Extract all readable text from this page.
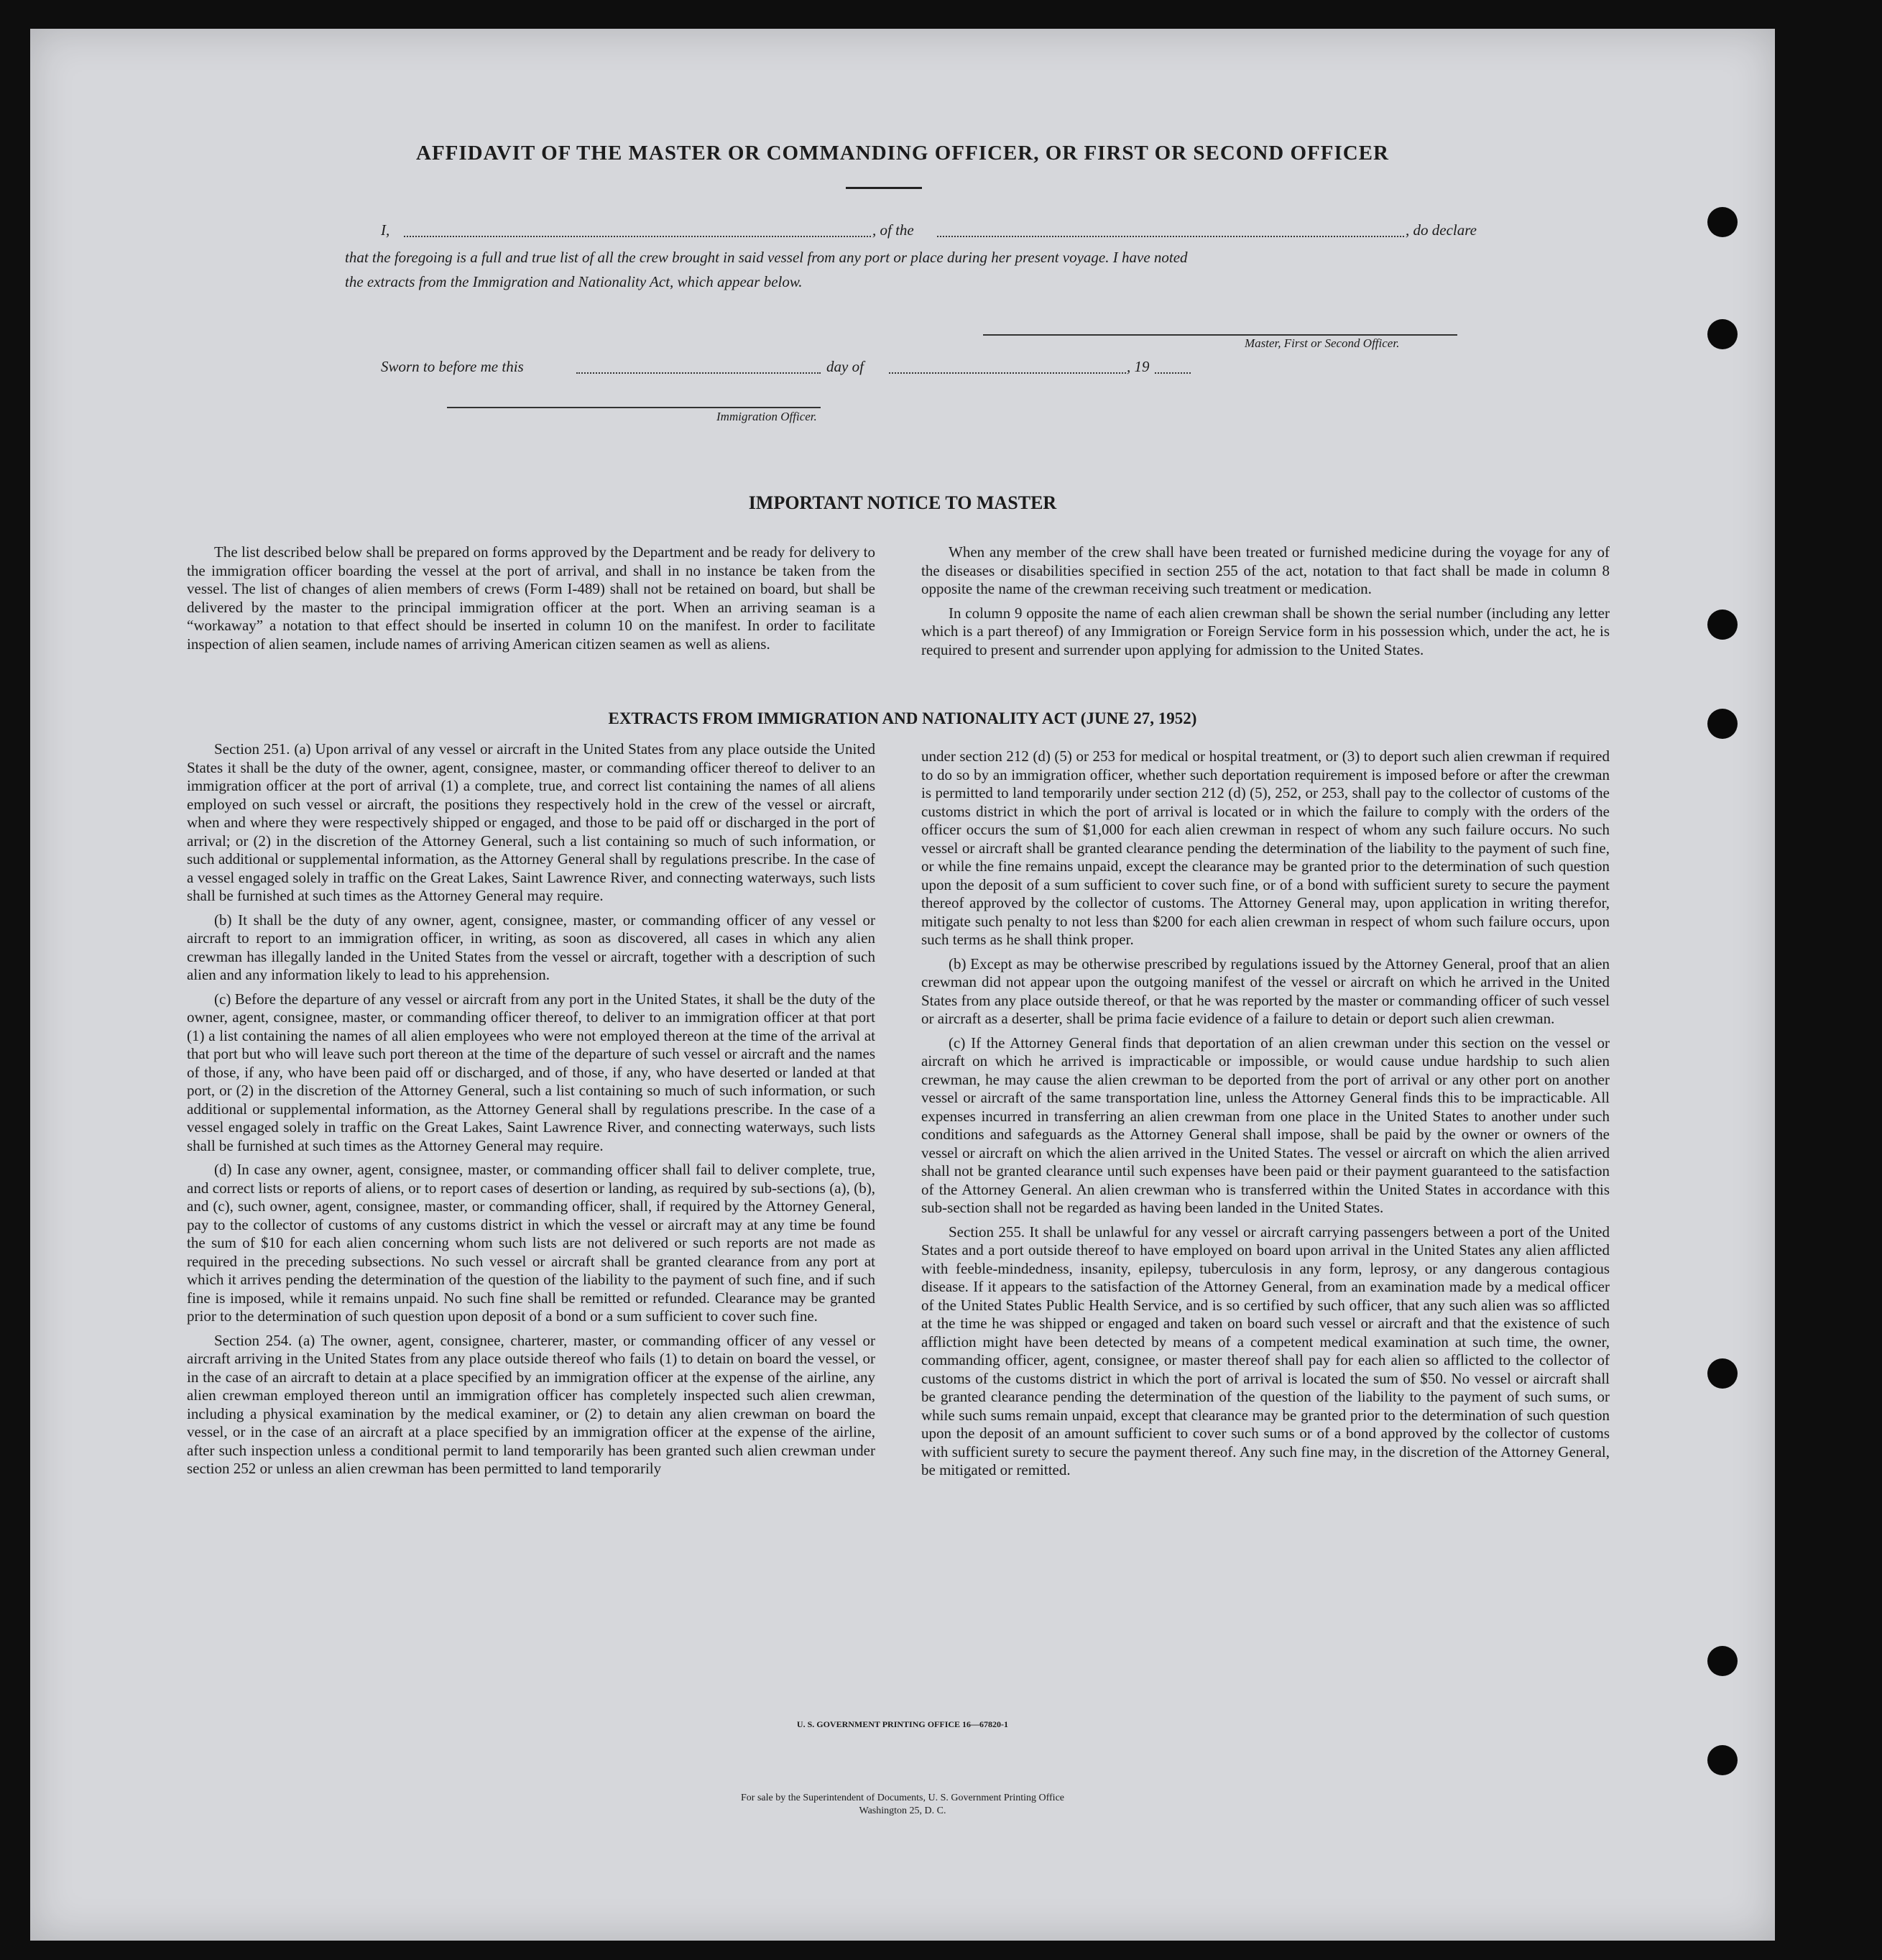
AFFIDAVIT OF THE MASTER OR COMMANDING OFFICER, OR FIRST OR SECOND OFFICER
I,	, of the	, do declare
that the foregoing is a full and true list of all the crew brought in said vessel from any port or place during her present voyage. I have noted
the extracts from the Immigration and Nationality Act, which appear below.
Master, First or Second Officer.
Sworn to before me this	day of	, 19
Immigration Officer.
IMPORTANT NOTICE TO MASTER

The list described below shall be prepared on forms approved by the Department and be ready for delivery to the immigration officer boarding the vessel at the port of arrival, and shall in no instance be taken from the vessel. The list of changes of alien members of crews (Form I-489) shall not be retained on board, but shall be delivered by the master to the principal immigration officer at the port. When an arriving seaman is a “workaway” a notation to that effect should be inserted in column 10 on the manifest. In order to facilitate inspection of alien seamen, include names of arriving American citizen seamen as well as aliens.

When any member of the crew shall have been treated or furnished medicine during the voyage for any of the diseases or disabilities specified in section 255 of the act, notation to that fact shall be made in column 8 opposite the name of the crewman receiving such treatment or medication.

In column 9 opposite the name of each alien crewman shall be shown the serial number (including any letter which is a part thereof) of any Immigration or Foreign Service form in his possession which, under the act, he is required to present and surrender upon applying for admission to the United States.

EXTRACTS FROM IMMIGRATION AND NATIONALITY ACT (JUNE 27, 1952)

Section 251. (a) Upon arrival of any vessel or aircraft in the United States from any place outside the United States it shall be the duty of the owner, agent, consignee, master, or commanding officer thereof to deliver to an immigration officer at the port of arrival (1) a complete, true, and correct list containing the names of all aliens employed on such vessel or aircraft, the positions they respectively hold in the crew of the vessel or aircraft, when and where they were respectively shipped or engaged, and those to be paid off or discharged in the port of arrival; or (2) in the discretion of the Attorney General, such a list containing so much of such information, or such additional or supplemental information, as the Attorney General shall by regulations prescribe. In the case of a vessel engaged solely in traffic on the Great Lakes, Saint Lawrence River, and connecting waterways, such lists shall be furnished at such times as the Attorney General may require.

(b) It shall be the duty of any owner, agent, consignee, master, or commanding officer of any vessel or aircraft to report to an immigration officer, in writing, as soon as discovered, all cases in which any alien crewman has illegally landed in the United States from the vessel or aircraft, together with a description of such alien and any information likely to lead to his apprehension.

(c) Before the departure of any vessel or aircraft from any port in the United States, it shall be the duty of the owner, agent, consignee, master, or commanding officer thereof, to deliver to an immigration officer at that port (1) a list containing the names of all alien employees who were not employed thereon at the time of the arrival at that port but who will leave such port thereon at the time of the departure of such vessel or aircraft and the names of those, if any, who have been paid off or discharged, and of those, if any, who have deserted or landed at that port, or (2) in the discretion of the Attorney General, such a list containing so much of such information, or such additional or supplemental information, as the Attorney General shall by regulations prescribe. In the case of a vessel engaged solely in traffic on the Great Lakes, Saint Lawrence River, and connecting waterways, such lists shall be furnished at such times as the Attorney General may require.

(d) In case any owner, agent, consignee, master, or commanding officer shall fail to deliver complete, true, and correct lists or reports of aliens, or to report cases of desertion or landing, as required by sub-sections (a), (b), and (c), such owner, agent, consignee, master, or commanding officer, shall, if required by the Attorney General, pay to the collector of customs of any customs district in which the vessel or aircraft may at any time be found the sum of $10 for each alien concerning whom such lists are not delivered or such reports are not made as required in the preceding subsections. No such vessel or aircraft shall be granted clearance from any port at which it arrives pending the determination of the question of the liability to the payment of such fine, and if such fine is imposed, while it remains unpaid. No such fine shall be remitted or refunded. Clearance may be granted prior to the determination of such question upon deposit of a bond or a sum sufficient to cover such fine.

Section 254. (a) The owner, agent, consignee, charterer, master, or commanding officer of any vessel or aircraft arriving in the United States from any place outside thereof who fails (1) to detain on board the vessel, or in the case of an aircraft to detain at a place specified by an immigration officer at the expense of the airline, any alien crewman employed thereon until an immigration officer has completely inspected such alien crewman, including a physical examination by the medical examiner, or (2) to detain any alien crewman on board the vessel, or in the case of an aircraft at a place specified by an immigration officer at the expense of the airline, after such inspection unless a conditional permit to land temporarily has been granted such alien crewman under section 252 or unless an alien crewman has been permitted to land temporarily

under section 212 (d) (5) or 253 for medical or hospital treatment, or (3) to deport such alien crewman if required to do so by an immigration officer, whether such deportation requirement is imposed before or after the crewman is permitted to land temporarily under section 212 (d) (5), 252, or 253, shall pay to the collector of customs of the customs district in which the port of arrival is located or in which the failure to comply with the orders of the officer occurs the sum of $1,000 for each alien crewman in respect of whom any such failure occurs. No such vessel or aircraft shall be granted clearance pending the determination of the liability to the payment of such fine, or while the fine remains unpaid, except the clearance may be granted prior to the determination of such question upon the deposit of a sum sufficient to cover such fine, or of a bond with sufficient surety to secure the payment thereof approved by the collector of customs. The Attorney General may, upon application in writing therefor, mitigate such penalty to not less than $200 for each alien crewman in respect of whom such failure occurs, upon such terms as he shall think proper.

(b) Except as may be otherwise prescribed by regulations issued by the Attorney General, proof that an alien crewman did not appear upon the outgoing manifest of the vessel or aircraft on which he arrived in the United States from any place outside thereof, or that he was reported by the master or commanding officer of such vessel or aircraft as a deserter, shall be prima facie evidence of a failure to detain or deport such alien crewman.

(c) If the Attorney General finds that deportation of an alien crewman under this section on the vessel or aircraft on which he arrived is impracticable or impossible, or would cause undue hardship to such alien crewman, he may cause the alien crewman to be deported from the port of arrival or any other port on another vessel or aircraft of the same transportation line, unless the Attorney General finds this to be impracticable. All expenses incurred in transferring an alien crewman from one place in the United States to another under such conditions and safeguards as the Attorney General shall impose, shall be paid by the owner or owners of the vessel or aircraft on which the alien arrived in the United States. The vessel or aircraft on which the alien arrived shall not be granted clearance until such expenses have been paid or their payment guaranteed to the satisfaction of the Attorney General. An alien crewman who is transferred within the United States in accordance with this sub-section shall not be regarded as having been landed in the United States.

Section 255. It shall be unlawful for any vessel or aircraft carrying passengers between a port of the United States and a port outside thereof to have employed on board upon arrival in the United States any alien afflicted with feeble-mindedness, insanity, epilepsy, tuberculosis in any form, leprosy, or any dangerous contagious disease. If it appears to the satisfaction of the Attorney General, from an examination made by a medical officer of the United States Public Health Service, and is so certified by such officer, that any such alien was so afflicted at the time he was shipped or engaged and taken on board such vessel or aircraft and that the existence of such affliction might have been detected by means of a competent medical examination at such time, the owner, commanding officer, agent, consignee, or master thereof shall pay for each alien so afflicted to the collector of customs of the customs district in which the port of arrival is located the sum of $50. No vessel or aircraft shall be granted clearance pending the determination of the question of the liability to the payment of such sums, or while such sums remain unpaid, except that clearance may be granted prior to the determination of such question upon the deposit of an amount sufficient to cover such sums or of a bond approved by the collector of customs with sufficient surety to secure the payment thereof. Any such fine may, in the discretion of the Attorney General, be mitigated or remitted.

U. S. GOVERNMENT PRINTING OFFICE 16—67820-1
For sale by the Superintendent of Documents, U. S. Government Printing Office
Washington 25, D. C.
